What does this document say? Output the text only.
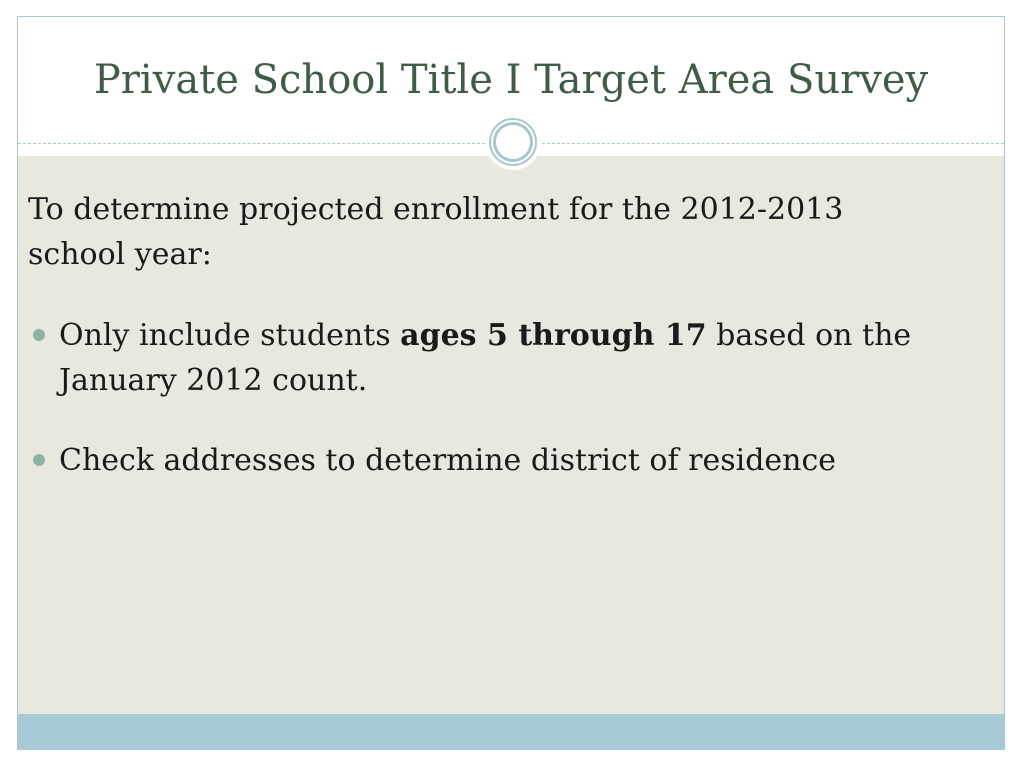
Private School Title I Target Area Survey

To determine projected enrollment for the 2012-2013 school year:

Only include students ages 5 through 17 based on the January 2012 count.
Check addresses to determine district of residence
